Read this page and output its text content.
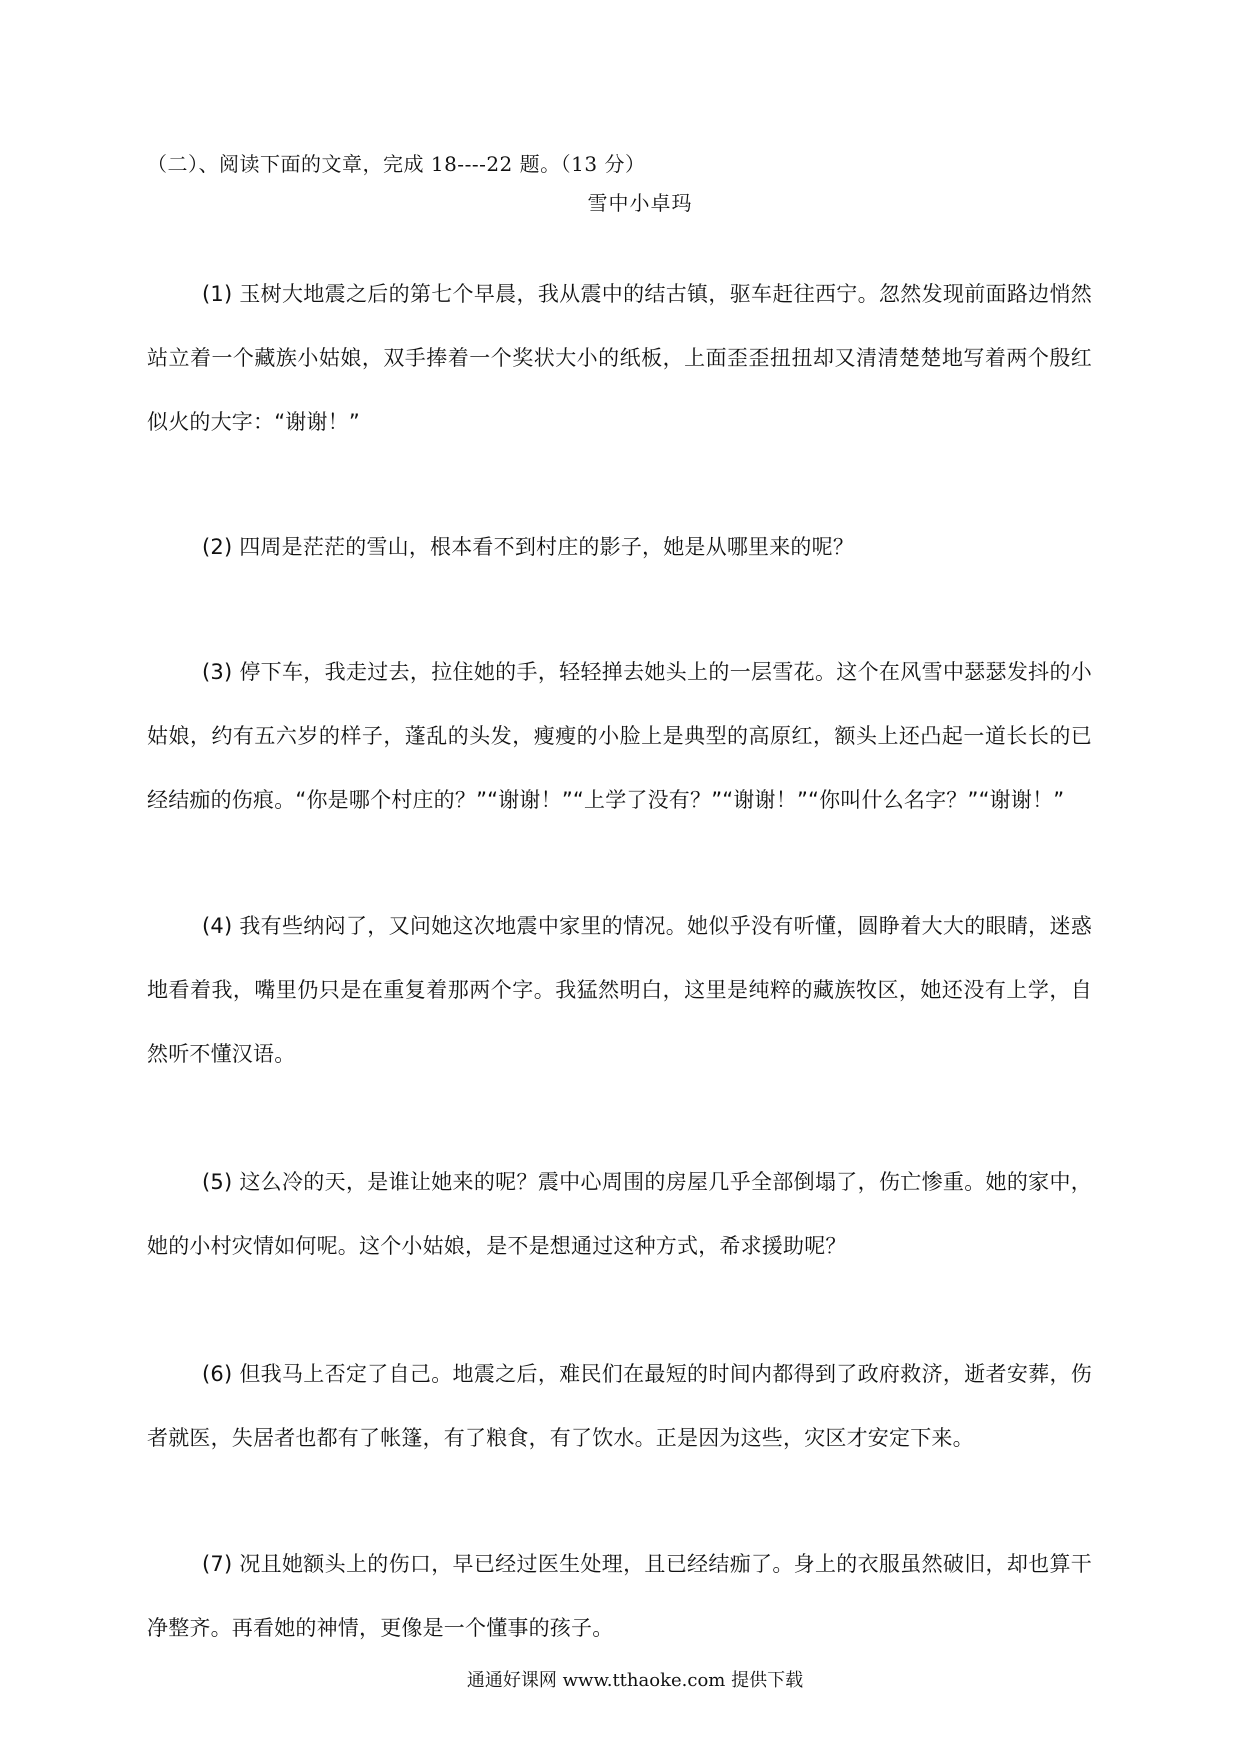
（二）、阅读下面的文章，完成 18----22 题。（13 分）
雪中小卓玛

(1) 玉树大地震之后的第七个早晨，我从震中的结古镇，驱车赶往西宁。忽然发现前面路边悄然站立着一个藏族小姑娘，双手捧着一个奖状大小的纸板，上面歪歪扭扭却又清清楚楚地写着两个殷红似火的大字：“谢谢！”

(2) 四周是茫茫的雪山，根本看不到村庄的影子，她是从哪里来的呢？

(3) 停下车，我走过去，拉住她的手，轻轻掸去她头上的一层雪花。这个在风雪中瑟瑟发抖的小姑娘，约有五六岁的样子，蓬乱的头发，瘦瘦的小脸上是典型的高原红，额头上还凸起一道长长的已经结痂的伤痕。“你是哪个村庄的？”“谢谢！”“上学了没有？”“谢谢！”“你叫什么名字？”“谢谢！”

(4) 我有些纳闷了，又问她这次地震中家里的情况。她似乎没有听懂，圆睁着大大的眼睛，迷惑地看着我，嘴里仍只是在重复着那两个字。我猛然明白，这里是纯粹的藏族牧区，她还没有上学，自然听不懂汉语。

(5) 这么冷的天，是谁让她来的呢？震中心周围的房屋几乎全部倒塌了，伤亡惨重。她的家中，她的小村灾情如何呢。这个小姑娘，是不是想通过这种方式，希求援助呢？

(6) 但我马上否定了自己。地震之后，难民们在最短的时间内都得到了政府救济，逝者安葬，伤者就医，失居者也都有了帐篷，有了粮食，有了饮水。正是因为这些，灾区才安定下来。

(7) 况且她额头上的伤口，早已经过医生处理，且已经结痂了。身上的衣服虽然破旧，却也算干净整齐。再看她的神情，更像是一个懂事的孩子。

通通好课网 www.tthaoke.com 提供下载
